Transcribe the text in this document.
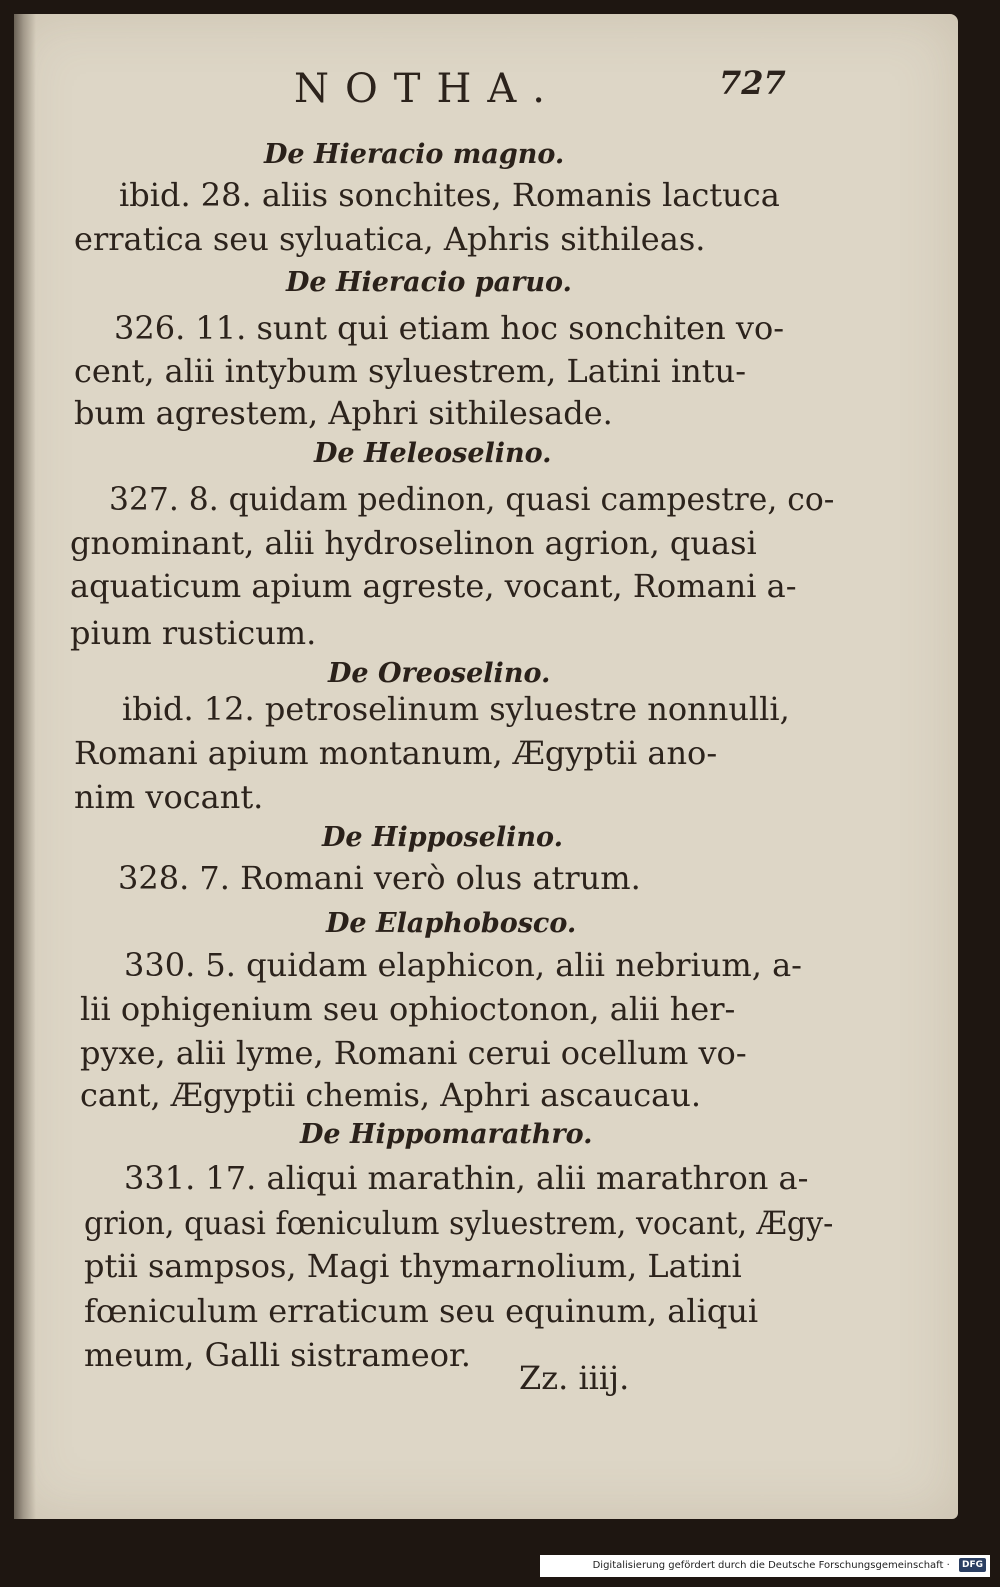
NOTHA.	727
De Hieracio magno.
ibid. 28. aliis sonchites, Romanis lactuca
erratica seu syluatica, Aphris sithileas.
De Hieracio paruo.
326. 11. sunt qui etiam hoc sonchiten vo-
cent, alii intybum syluestrem, Latini intu-
bum agrestem, Aphri sithilesade.
De Heleoselino.
327. 8. quidam pedinon, quasi campestre, co-
gnominant, alii hydroselinon agrion, quasi
aquaticum apium agreste, vocant, Romani a-
pium rusticum.
De Oreoselino.
ibid. 12. petroselinum syluestre nonnulli,
Romani apium montanum, Ægyptii ano-
nim vocant.
De Hipposelino.
328. 7. Romani verò olus atrum.
De Elaphobosco.
330. 5. quidam elaphicon, alii nebrium, a-
lii ophigenium seu ophioctonon, alii her-
pyxe, alii lyme, Romani cerui ocellum vo-
cant, Ægyptii chemis, Aphri ascaucau.
De Hippomarathro.
331. 17. aliqui marathin, alii marathron a-
grion, quasi fœniculum syluestrem, vocant, Ægy-
ptii sampsos, Magi thymarnolium, Latini
fœniculum erraticum seu equinum, aliqui
meum, Galli sistrameor.
Zz. iiij.
Digitalisierung gefördert durch die Deutsche Forschungsgemeinschaft · DFG
